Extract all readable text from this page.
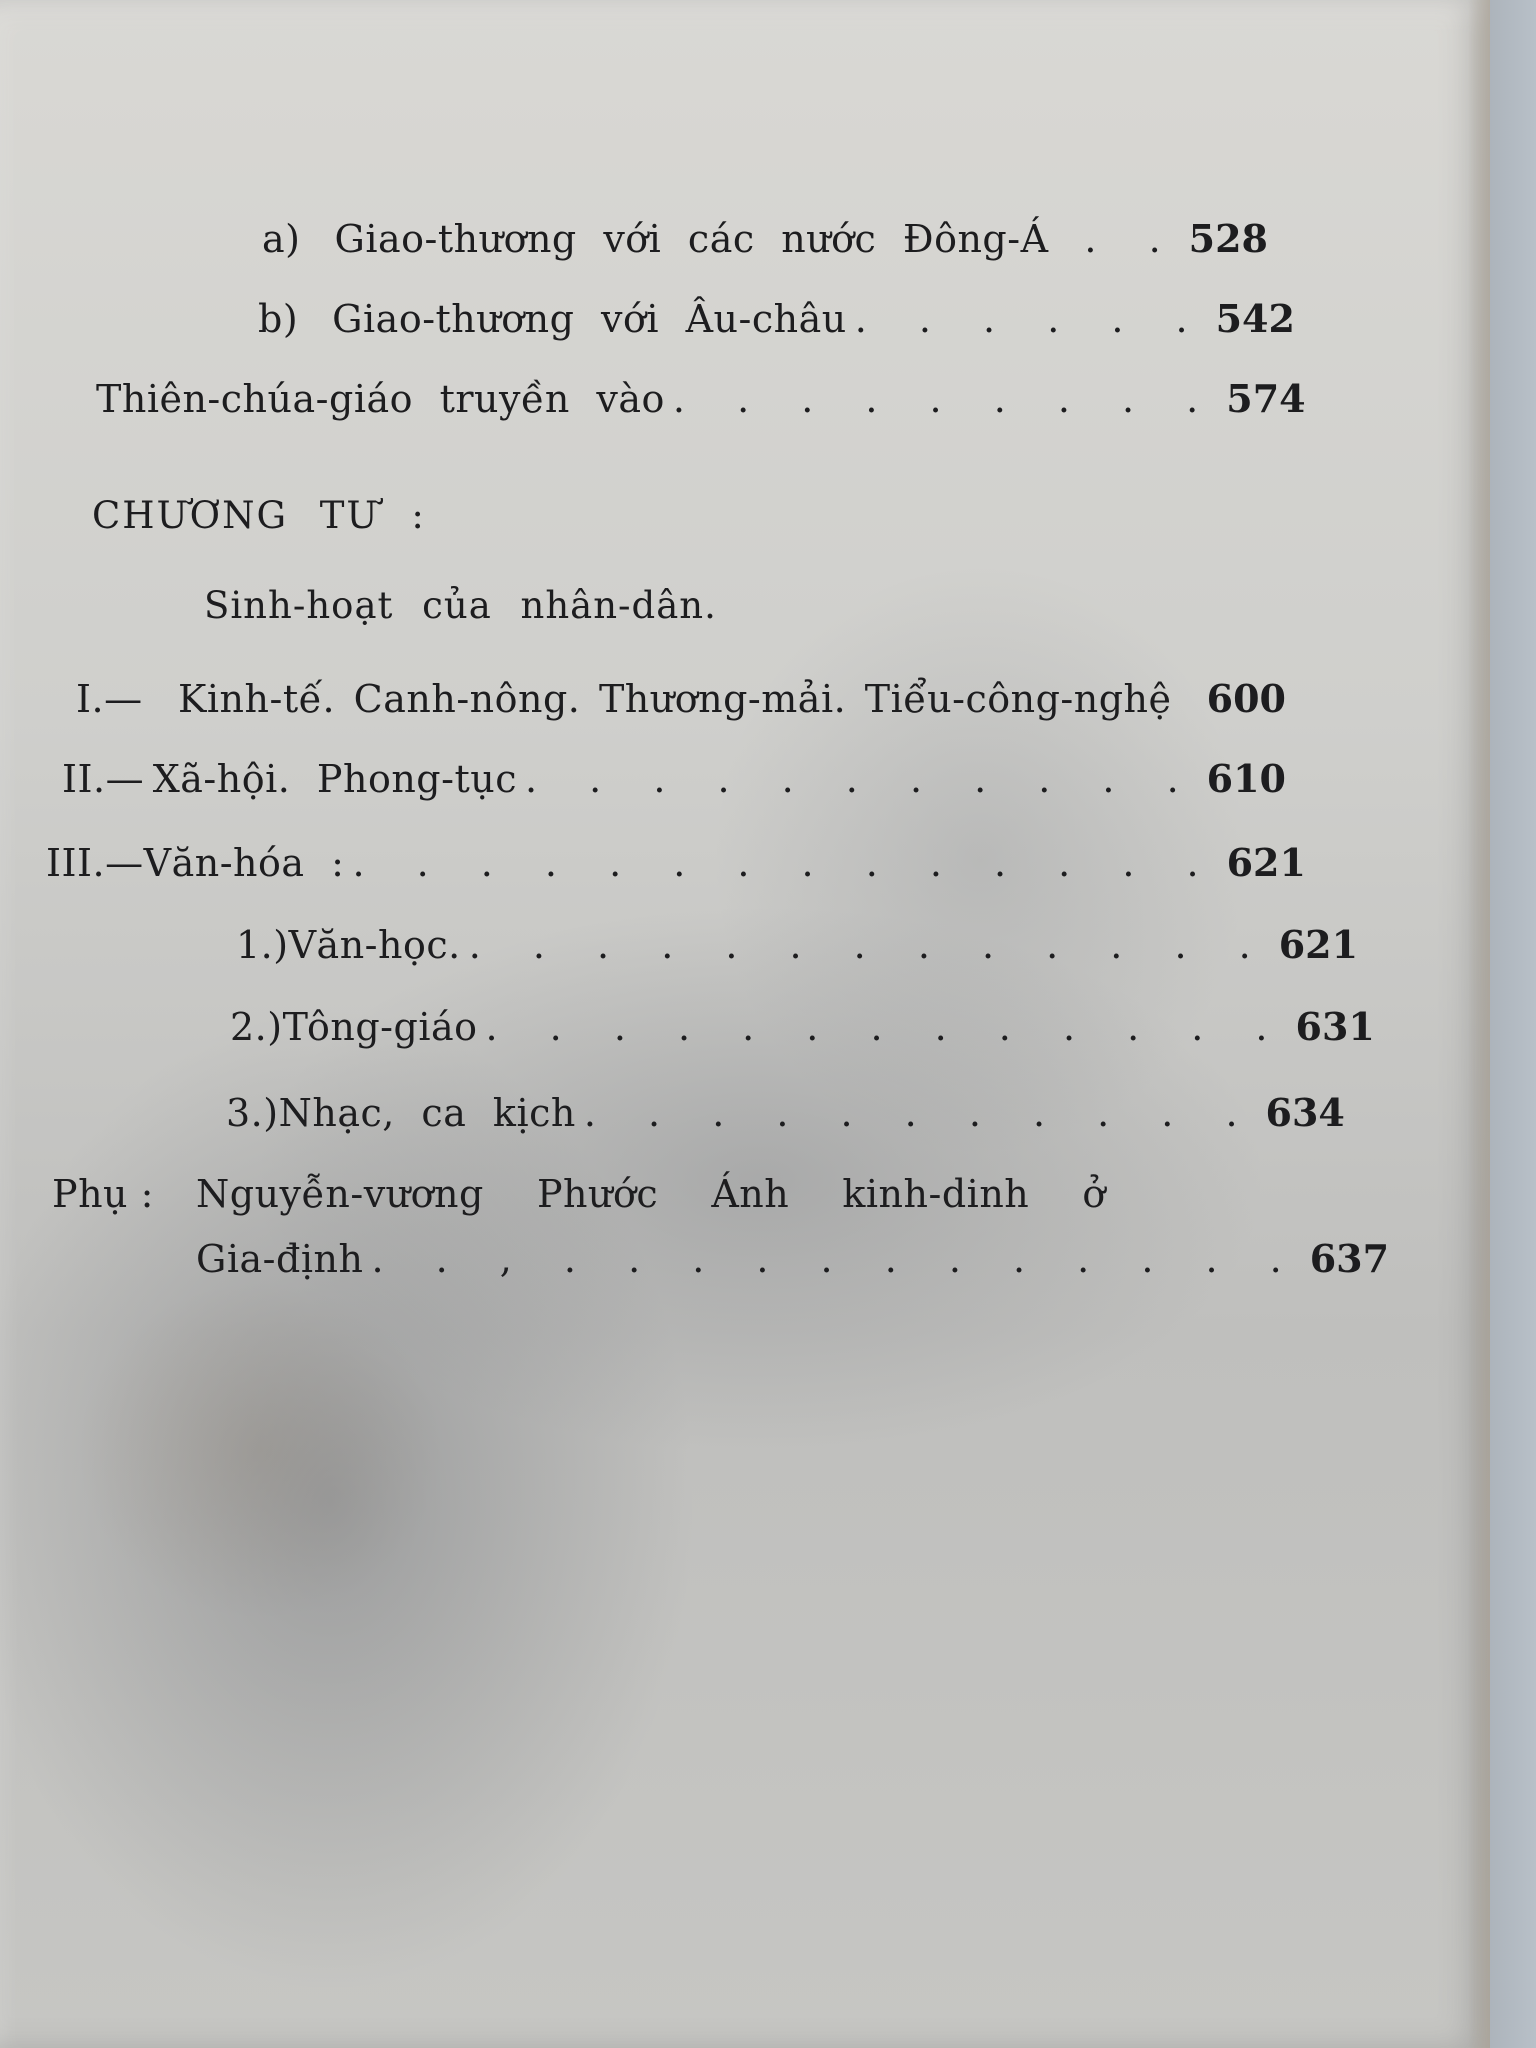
a) Giao-thương với các nước Đông-Á . . 528
b) Giao-thương với Âu-châu . . . . . . 542
Thiên-chúa-giáo truyền vào . . . . . . . . . 574
CHƯƠNG TƯ :
Sinh-hoạt của nhân-dân.
I.— Kinh-tế. Canh-nông. Thương-mải. Tiểu-công-nghệ 600
II.— Xã-hội. Phong-tục . . . . . . . . . . . 610
III.— Văn-hóa : . . . . . . . . . . . . . . 621
1.) Văn-học. . . . . . . . . . . . . . 621
2.) Tông-giáo . . . . . . . . . . . . . 631
3.) Nhạc, ca kịch . . . . . . . . . . . 634
Phụ :	Nguyễn-vương  Phước  Ánh  kinh-dinh  ở
Gia-định . . , . . . . . . . . . . . . 637
